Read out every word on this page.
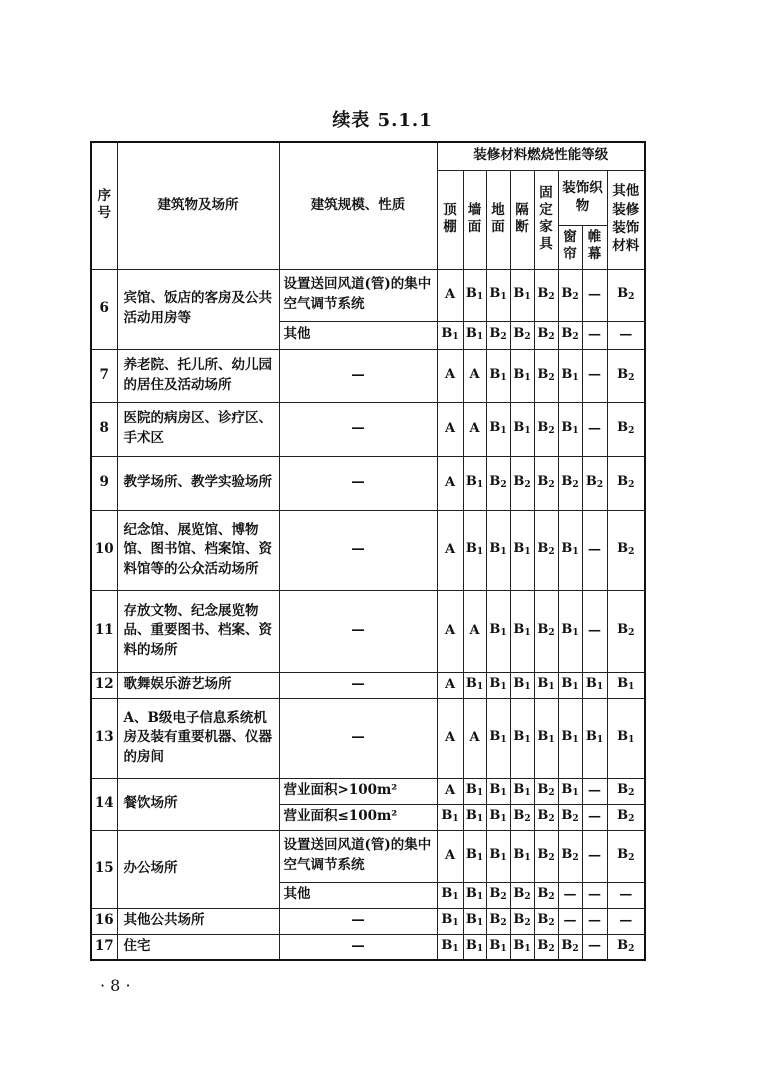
续表 5.1.1
序号	建筑物及场所	建筑规模、性质	装修材料燃烧性能等级							
			顶棚	墙面	地面	隔断	固定家具	装饰织物		其他装修装饰材料
								窗帘	帷幕	
6	宾馆、饭店的客房及公共活动用房等	设置送回风道(管)的集中空气调节系统	A	$B_1$	$B_1$	$B_1$	$B_2$	$B_2$	—	$B_2$
		其他	$B_1$	$B_1$	$B_2$	$B_2$	$B_2$	$B_2$	—	—
7	养老院、托儿所、幼儿园的居住及活动场所	—	A	A	$B_1$	$B_1$	$B_2$	$B_1$	—	$B_2$
8	医院的病房区、诊疗区、手术区	—	A	A	$B_1$	$B_1$	$B_2$	$B_1$	—	$B_2$
9	教学场所、教学实验场所	—	A	$B_1$	$B_2$	$B_2$	$B_2$	$B_2$	$B_2$	$B_2$
10	纪念馆、展览馆、博物馆、图书馆、档案馆、资料馆等的公众活动场所	—	A	$B_1$	$B_1$	$B_1$	$B_2$	$B_1$	—	$B_2$
11	存放文物、纪念展览物品、重要图书、档案、资料的场所	—	A	A	$B_1$	$B_1$	$B_2$	$B_1$	—	$B_2$
12	歌舞娱乐游艺场所	—	A	$B_1$	$B_1$	$B_1$	$B_1$	$B_1$	$B_1$	$B_1$
13	A、B级电子信息系统机房及装有重要机器、仪器的房间	—	A	A	$B_1$	$B_1$	$B_1$	$B_1$	$B_1$	$B_1$
14	餐饮场所	营业面积>100m²	A	$B_1$	$B_1$	$B_1$	$B_2$	$B_1$	—	$B_2$
		营业面积≤100m²	$B_1$	$B_1$	$B_1$	$B_2$	$B_2$	$B_2$	—	$B_2$
15	办公场所	设置送回风道(管)的集中空气调节系统	A	$B_1$	$B_1$	$B_1$	$B_2$	$B_2$	—	$B_2$
		其他	$B_1$	$B_1$	$B_2$	$B_2$	$B_2$	—	—	—
16	其他公共场所	—	$B_1$	$B_1$	$B_2$	$B_2$	$B_2$	—	—	—
17	住宅	—	$B_1$	$B_1$	$B_1$	$B_1$	$B_2$	$B_2$	—	$B_2$
· 8 ·
